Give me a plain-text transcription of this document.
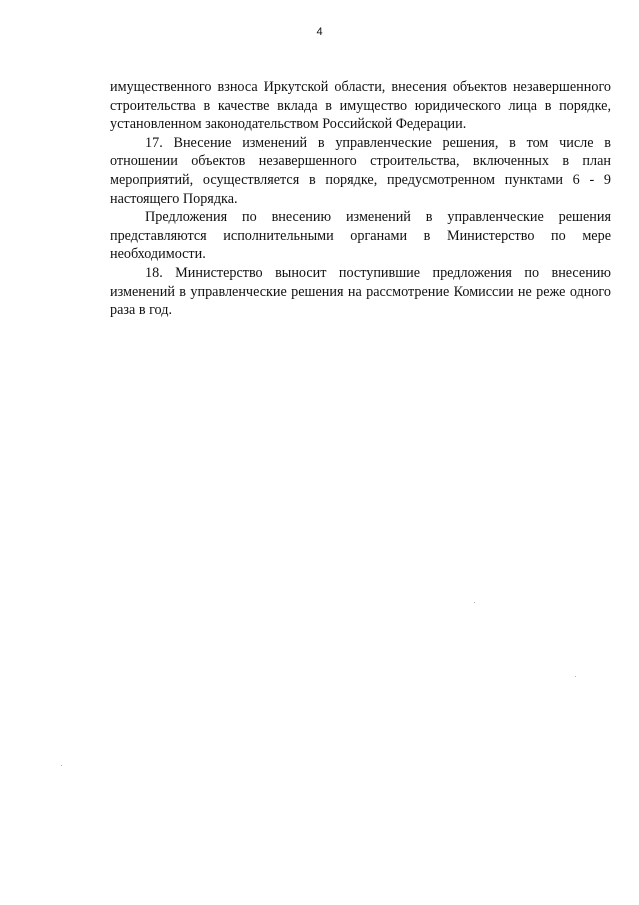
4

имущественного взноса Иркутской области, внесения объектов незавершенного строительства в качестве вклада в имущество юридического лица в порядке, установленном законодательством Российской Федерации.

17. Внесение изменений в управленческие решения, в том числе в отношении объектов незавершенного строительства, включенных в план мероприятий, осуществляется в порядке, предусмотренном пунктами 6 - 9 настоящего Порядка.

Предложения по внесению изменений в управленческие решения представляются исполнительными органами в Министерство по мере необходимости.

18. Министерство выносит поступившие предложения по внесению изменений в управленческие решения на рассмотрение Комиссии не реже одного раза в год.
